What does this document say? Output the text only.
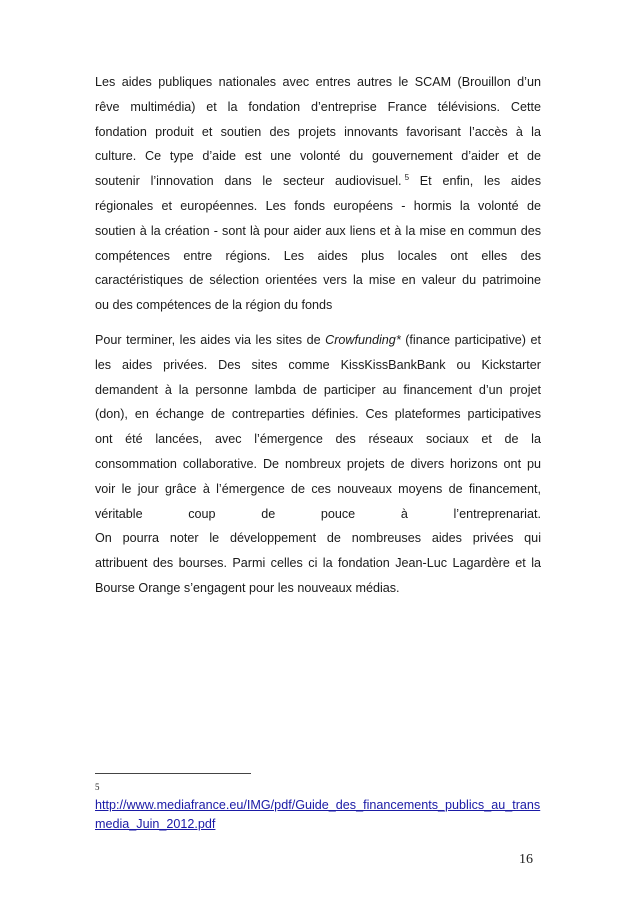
Les aides publiques nationales avec entres autres le SCAM (Brouillon d’un
rêve multimédia) et la fondation d’entreprise France télévisions. Cette
fondation produit et soutien des projets innovants favorisant l’accès à la
culture. Ce type d’aide est une volonté du gouvernement d’aider et de
soutenir l’innovation dans le secteur audiovisuel. $^5$ Et enfin, les aides
régionales et européennes. Les fonds européens - hormis la volonté de
soutien à la création - sont là pour aider aux liens et à la mise en commun des
compétences entre régions. Les aides plus locales ont elles des
caractéristiques de sélection orientées vers la mise en valeur du patrimoine
ou des compétences de la région du fonds

Pour terminer, les aides via les sites de Crowfunding* (finance participative) et
les aides privées. Des sites comme KissKissBankBank ou Kickstarter
demandent à la personne lambda de participer au financement d’un projet
(don), en échange de contreparties définies. Ces plateformes participatives
ont été lancées, avec l’émergence des réseaux sociaux et de la
consommation collaborative. De nombreux projets de divers horizons ont pu
voir le jour grâce à l’émergence de ces nouveaux moyens de financement,
véritable coup de pouce à l’entreprenariat.
On pourra noter le développement de nombreuses aides privées qui
attribuent des bourses. Parmi celles ci la fondation Jean-Luc Lagardère et la
Bourse Orange s’engagent pour les nouveaux médias.

5
http://www.mediafrance.eu/IMG/pdf/Guide_des_financements_publics_au_transmedia_Juin_2012.pdf
16
